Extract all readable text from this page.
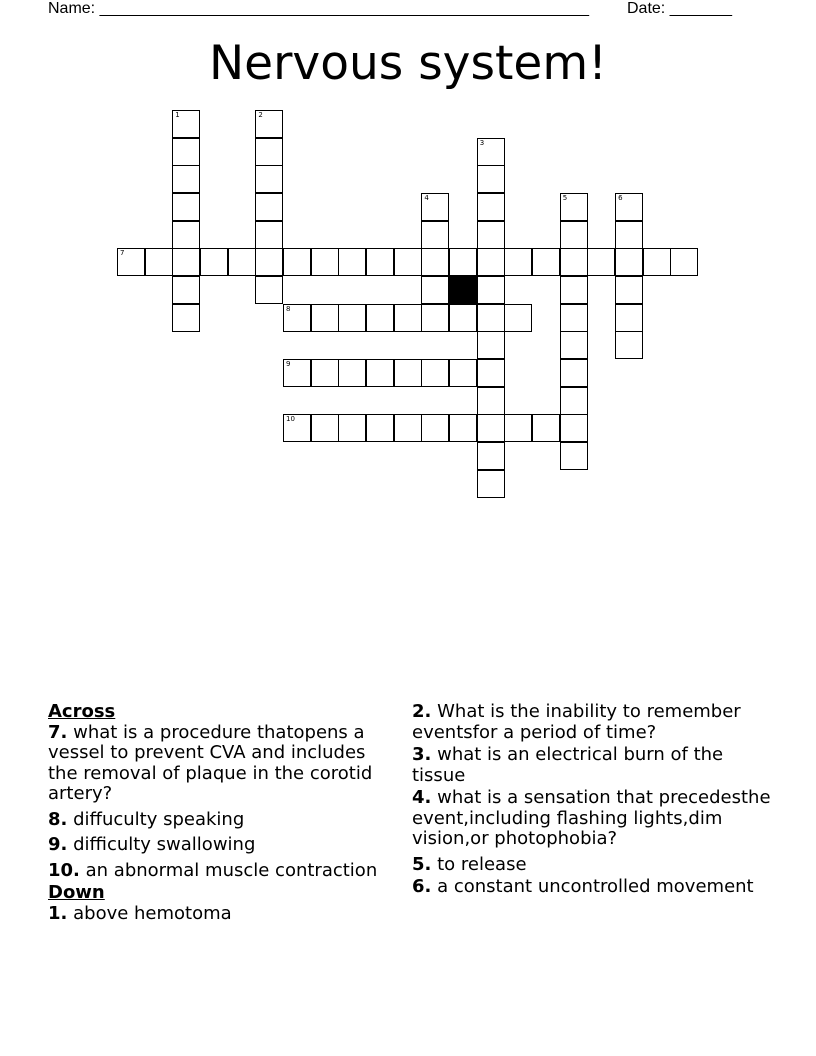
Name: _______________________________________________________ Date: _______
Nervous system!
1	2
3
4	5	6
7
8
9
10
Across
7. what is a procedure thatopens a vessel to prevent CVA and includes the removal of plaque in the corotid artery?
8. diffuculty speaking
9. difficulty swallowing
10. an abnormal muscle contraction
Down
1. above hemotoma
2. What is the inability to remember eventsfor a period of time?
3. what is an electrical burn of the tissue
4. what is a sensation that precedesthe event,including flashing lights,dim vision,or photophobia?
5. to release
6. a constant uncontrolled movement
